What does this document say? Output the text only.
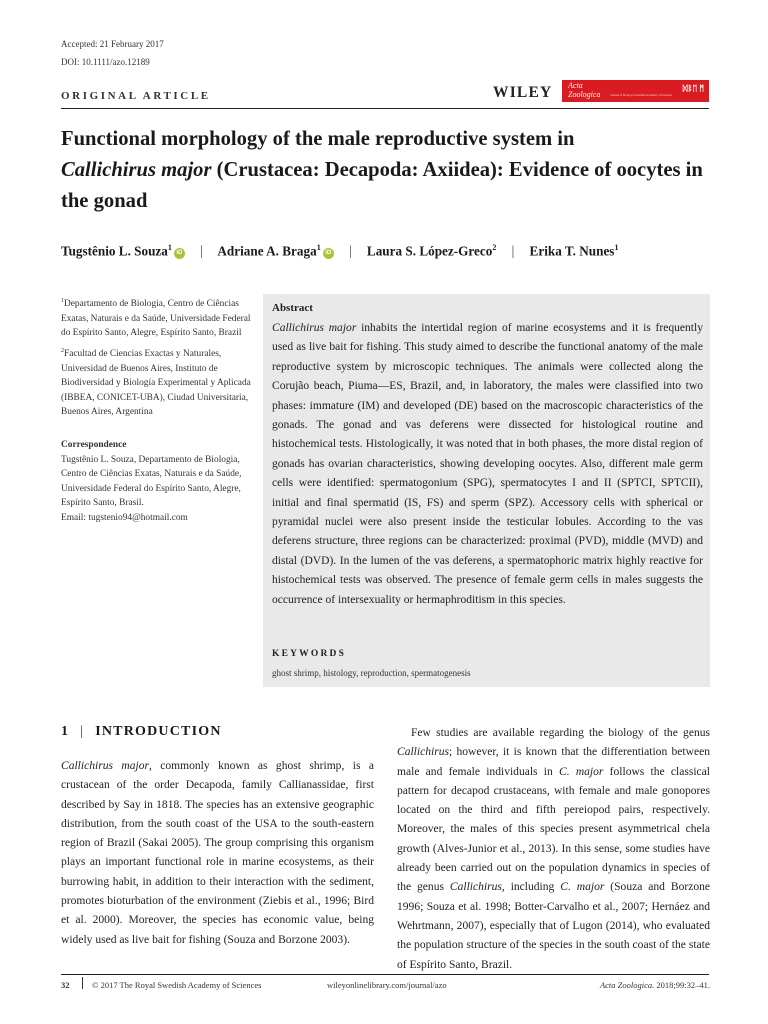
Accepted: 21 February 2017
DOI: 10.1111/azo.12189
ORIGINAL ARTICLE	WILEY Acta Zoologica	Journal of the Royal Swedish Academy of Sciences
ᛞᛒᛖ ᛗ
Functional morphology of the male reproductive system in
Callichirus major (Crustacea: Decapoda: Axiidea): Evidence of oocytes in the gonad
Tugstênio L. Souza$^1$iD | Adriane A. Braga$^1$iD | Laura S. López-Greco$^2$ | Erika T. Nunes$^1$

$^1$Departamento de Biologia, Centro de Ciências Exatas, Naturais e da Saúde, Universidade Federal do Espírito Santo, Alegre, Espírito Santo, Brazil

$^2$Facultad de Ciencias Exactas y Naturales, Universidad de Buenos Aires, Instituto de Biodiversidad y Biología Experimental y Aplicada (IBBEA, CONICET-UBA), Ciudad Universitaria, Buenos Aires, Argentina

Correspondence
Tugstênio L. Souza, Departamento de Biologia, Centro de Ciências Exatas, Naturais e da Saúde, Universidade Federal do Espírito Santo, Alegre, Espírito Santo, Brasil.
Email: tugstenio94@hotmail.com
Abstract

Callichirus major inhabits the intertidal region of marine ecosystems and it is frequently used as live bait for fishing. This study aimed to describe the functional anatomy of the male reproductive system by microscopic techniques. The animals were collected along the Corujão beach, Piuma—ES, Brazil, and, in laboratory, the males were classified into two phases: immature (IM) and developed (DE) based on the macroscopic characteristics of the gonads. The gonad and vas deferens were dissected for histological routine and histochemical tests. Histologically, it was noted that in both phases, the more distal region of gonads has ovarian characteristics, showing developing oocytes. Also, different male germ cells were identified: spermatogonium (SPG), spermatocytes I and II (SPTCI, SPTCII), initial and final spermatid (IS, FS) and sperm (SPZ). Accessory cells with spherical or pyramidal nuclei were also present inside the testicular lobules. According to the vas deferens structure, three regions can be characterized: proximal (PVD), middle (MVD) and distal (DVD). In the lumen of the vas deferens, a spermatophoric matrix highly reactive for histochemical tests was observed. The presence of female germ cells in males suggests the occurrence of intersexuality or hermaphroditism in this species.

KEYWORDS
ghost shrimp, histology, reproduction, spermatogenesis
1 | INTRODUCTION

Callichirus major, commonly known as ghost shrimp, is a crustacean of the order Decapoda, family Callianassidae, first described by Say in 1818. The species has an extensive geographic distribution, from the south coast of the USA to the south-eastern region of Brazil (Sakai 2005). The group comprising this organism plays an important functional role in marine ecosystems, as their burrowing habit, in addition to their interaction with the sediment, promotes bioturbation of the environment (Ziebis et al., 1996; Bird et al. 2000). Moreover, the species has economic value, being widely used as live bait for fishing (Souza and Borzone 2003).

Few studies are available regarding the biology of the genus Callichirus; however, it is known that the differentiation between male and female individuals in C. major follows the classical pattern for decapod crustaceans, with female and male gonopores located on the third and fifth pereiopod pairs, respectively. Moreover, the males of this species present asymmetrical chela growth (Alves-Junior et al., 2013). In this sense, some studies have already been carried out on the population dynamics in species of the genus Callichirus, including C. major (Souza and Borzone 1996; Souza et al. 1998; Botter-Carvalho et al., 2007; Hernáez and Wehrtmann, 2007), especially that of Lugon (2014), who evaluated the population structure of the species in the south coast of the state of Espírito Santo, Brazil.

32	© 2017 The Royal Swedish Academy of Sciences	wileyonlinelibrary.com/journal/azo	Acta Zoologica. 2018;99:32–41.
